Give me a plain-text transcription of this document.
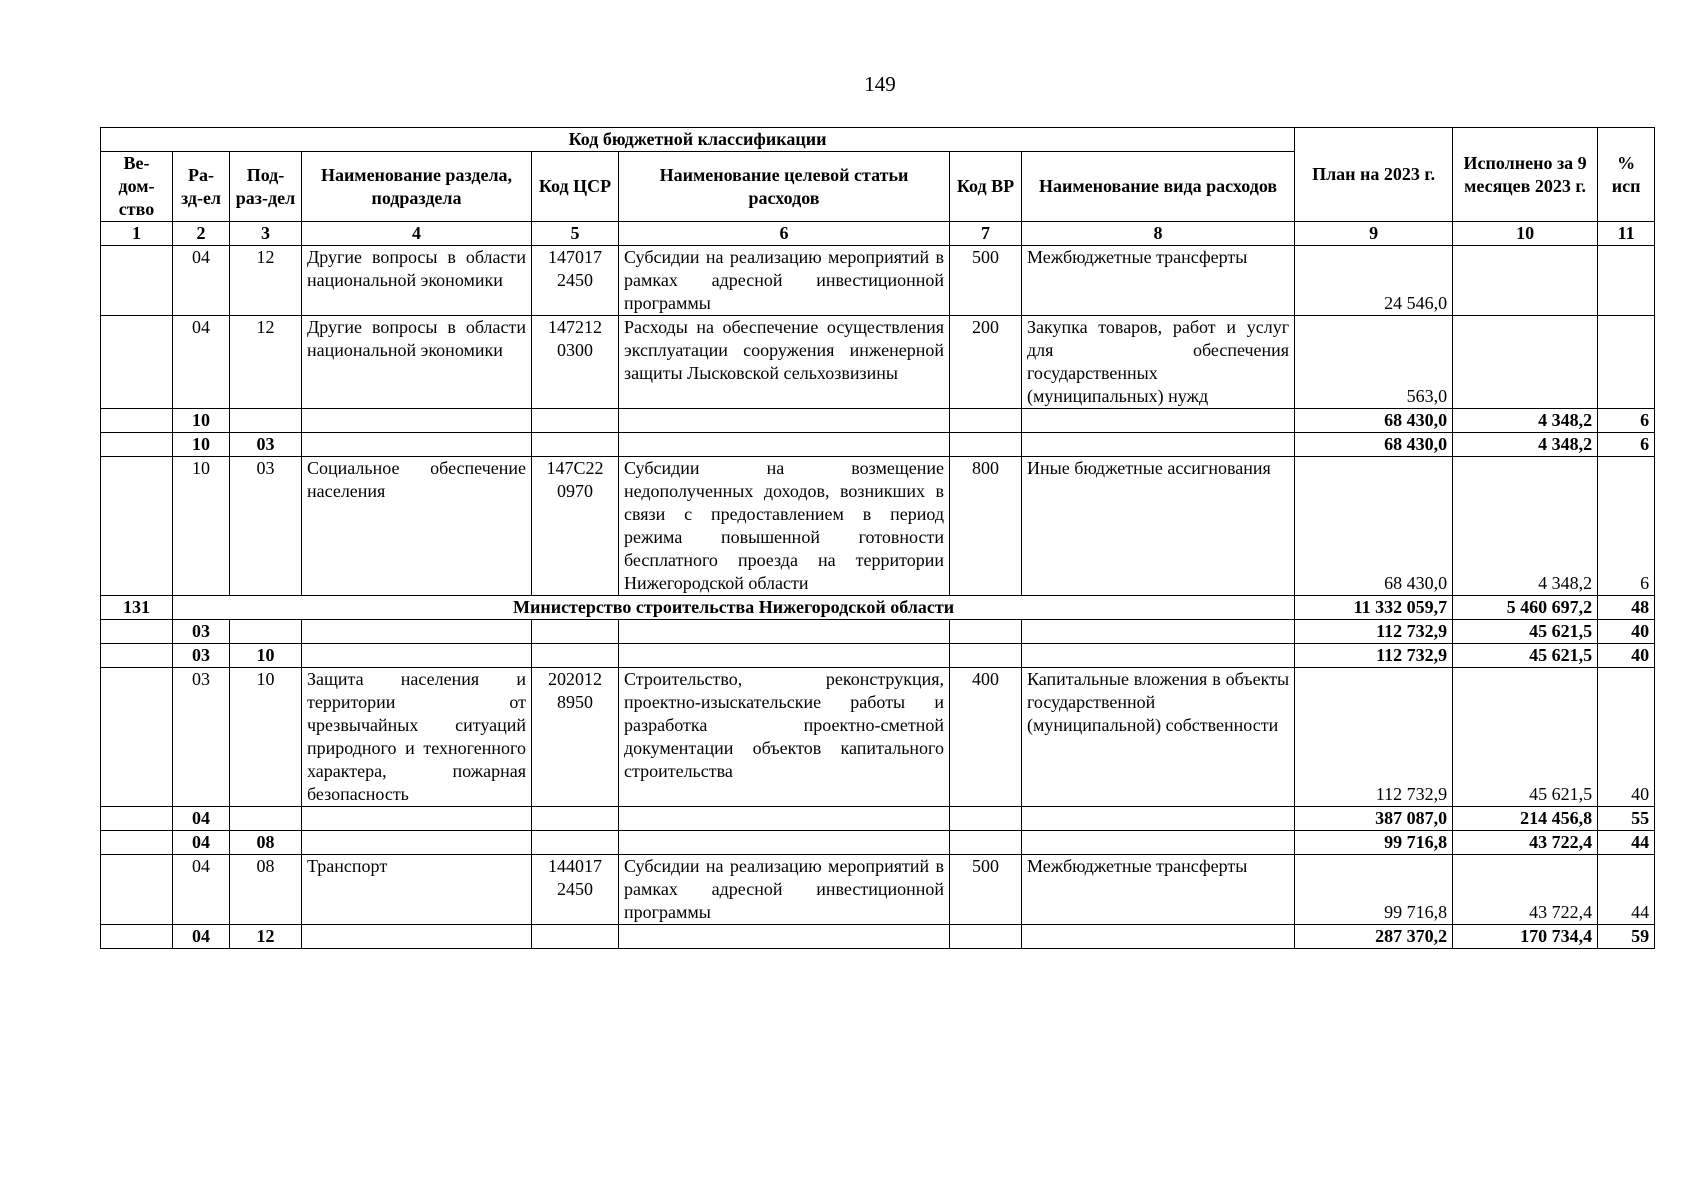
149
Код бюджетной классификации								План на 2023 г.	Исполнено за 9 месяцев 2023 г.	% исп
Ве-дом-ство	Ра-зд-ел	Под-раз-дел	Наименование раздела, подраздела	Код ЦСР	Наименование целевой статьи расходов	Код ВР	Наименование вида расходов			
1	2	3	4	5	6	7	8	9	10	11
	04	12	Другие вопросы в области национальной экономики	147017 2450	Субсидии на реализацию мероприятий в рамках адресной инвестиционной программы	500	Межбюджетные трансферты	24 546,0		
	04	12	Другие вопросы в области национальной экономики	147212 0300	Расходы на обеспечение осуществления эксплуатации сооружения инженерной защиты Лысковской сельхозвизины	200	Закупка товаров, работ и услуг для обеспечения государственных (муниципальных) нужд	563,0		
	10							68 430,0	4 348,2	6
	10	03						68 430,0	4 348,2	6
	10	03	Социальное обеспечение населения	147С22 0970	Субсидии на возмещение недополученных доходов, возникших в связи с предоставлением в период режима повышенной готовности бесплатного проезда на территории Нижегородской области	800	Иные бюджетные ассигнования	68 430,0	4 348,2	6
131	Министерство строительства Нижегородской области							11 332 059,7	5 460 697,2	48
	03							112 732,9	45 621,5	40
	03	10						112 732,9	45 621,5	40
	03	10	Защита населения и территории от чрезвычайных ситуаций природного и техногенного характера, пожарная безопасность	202012 8950	Строительство, реконструкция, проектно-изыскательские работы и разработка проектно-сметной документации объектов капитального строительства	400	Капитальные вложения в объекты государственной (муниципальной) собственности	112 732,9	45 621,5	40
	04							387 087,0	214 456,8	55
	04	08						99 716,8	43 722,4	44
	04	08	Транспорт	144017 2450	Субсидии на реализацию мероприятий в рамках адресной инвестиционной программы	500	Межбюджетные трансферты	99 716,8	43 722,4	44
	04	12						287 370,2	170 734,4	59
